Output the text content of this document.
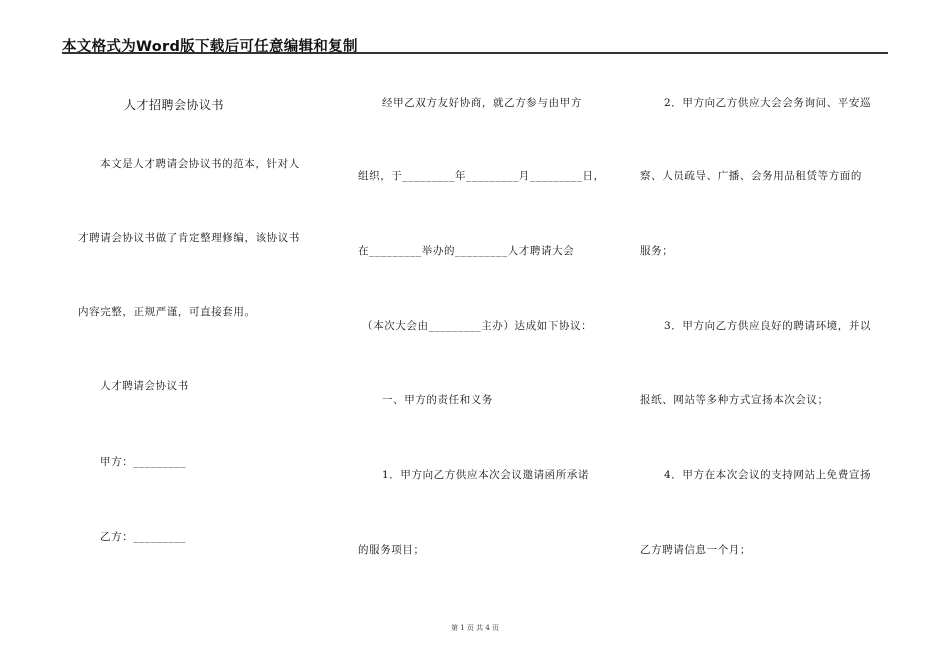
本文格式为Word版下载后可任意编辑和复制
人才招聘会协议书
本文是人才聘请会协议书的范本，针对人
才聘请会协议书做了肯定整理修编，该协议书
内容完整，正规严谨，可直接套用。
人才聘请会协议书
甲方：_________
乙方：_________
经甲乙双方友好协商，就乙方参与由甲方
组织，于_________年_________月_________日，
在_________举办的_________人才聘请大会
（本次大会由_________主办）达成如下协议：
一、甲方的责任和义务
1．甲方向乙方供应本次会议邀请函所承诺
的服务项目；
2．甲方向乙方供应大会会务询问、平安巡
察、人员疏导、广播、会务用品租赁等方面的
服务；
3．甲方向乙方供应良好的聘请环境，并以
报纸、网站等多种方式宣扬本次会议；
4．甲方在本次会议的支持网站上免费宣扬
乙方聘请信息一个月；
第 1 页 共 4 页
